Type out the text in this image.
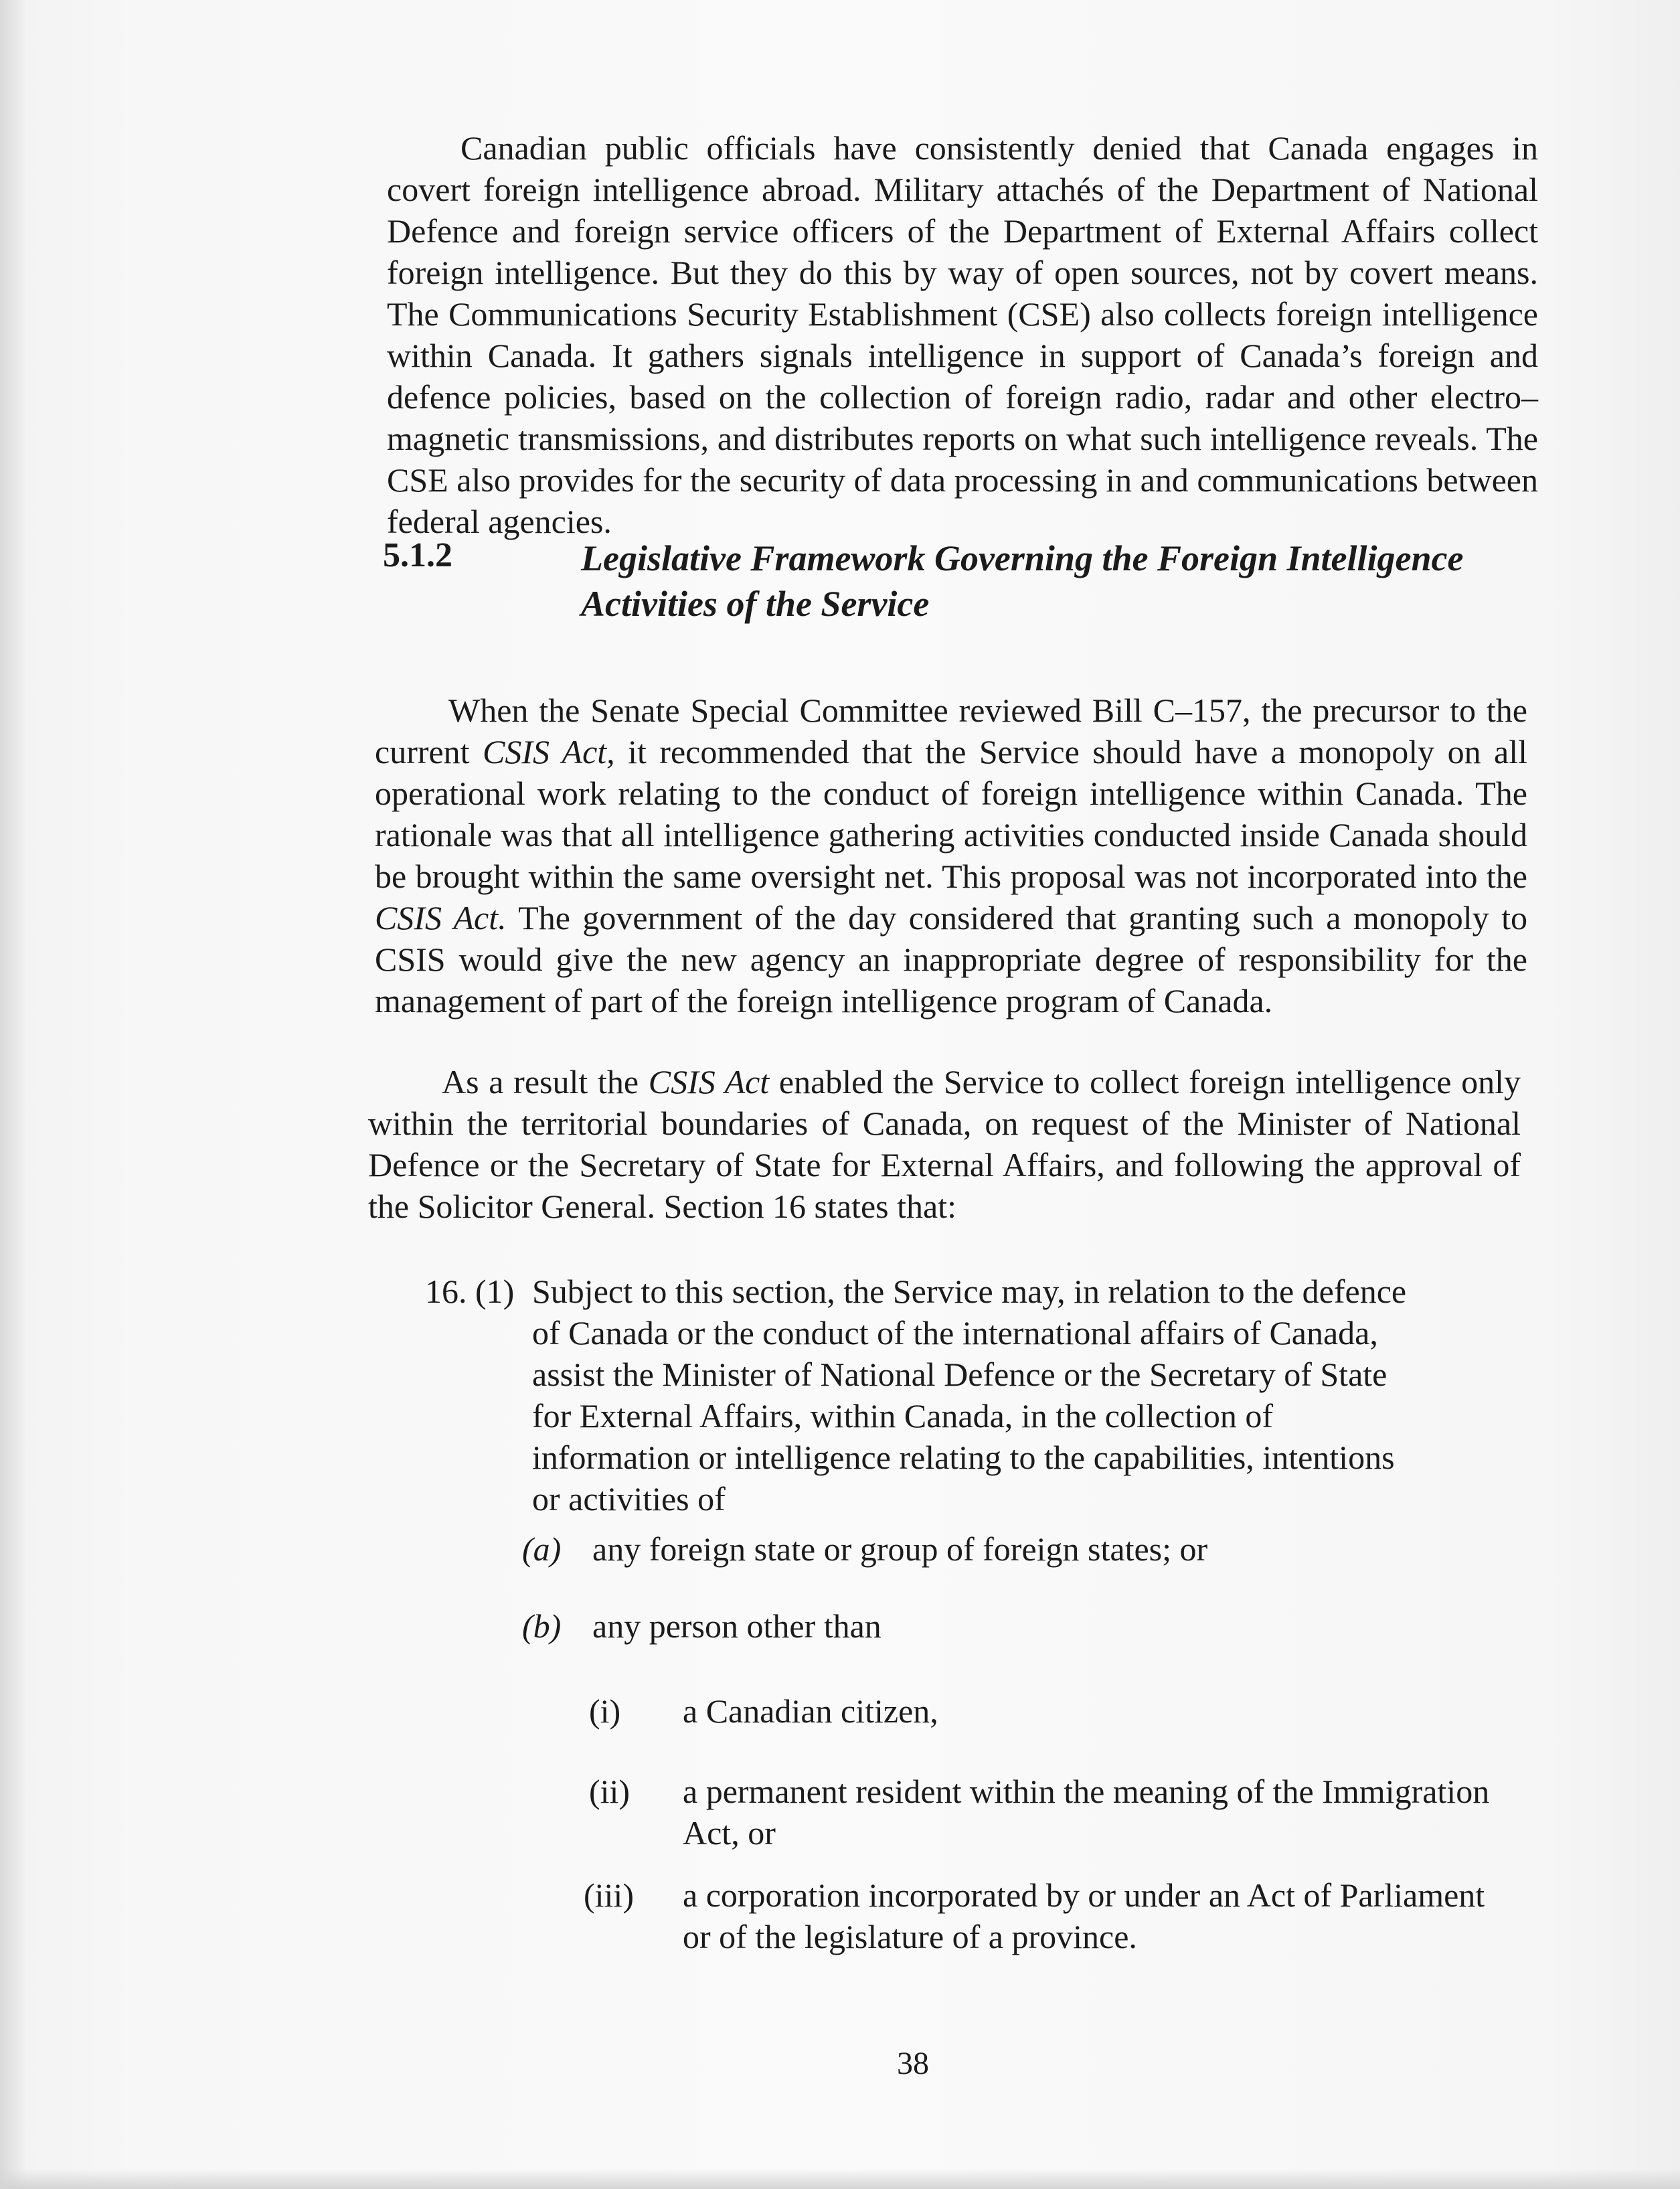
Canadian public officials have consistently denied that Canada engages in covert foreign intelligence abroad. Military attachés of the Department of National Defence and foreign service officers of the Department of External Affairs collect foreign intelligence. But they do this by way of open sources, not by covert means. The Communications Security Establishment (CSE) also collects foreign intelligence within Canada. It gathers signals intelligence in support of Canada’s foreign and defence policies, based on the collection of foreign radio, radar and other electro–magnetic transmissions, and distributes reports on what such intelligence reveals. The CSE also provides for the security of data processing in and communications between federal agencies.

5.1.2	Legislative Framework Governing the Foreign Intelligence Activities of the Service

When the Senate Special Committee reviewed Bill C–157, the precursor to the current CSIS Act, it recommended that the Service should have a monopoly on all operational work relating to the conduct of foreign intelligence within Canada. The rationale was that all intelligence gathering activities conducted inside Canada should be brought within the same oversight net. This proposal was not incorporated into the CSIS Act. The government of the day considered that granting such a monopoly to CSIS would give the new agency an inappropriate degree of responsibility for the management of part of the foreign intelligence program of Canada.

As a result the CSIS Act enabled the Service to collect foreign intelligence only within the territorial boundaries of Canada, on request of the Minister of National Defence or the Secretary of State for External Affairs, and following the approval of the Solicitor General. Section 16 states that:

16. (1) Subject to this section, the Service may, in relation to the defence of Canada or the conduct of the international affairs of Canada, assist the Minister of National Defence or the Secretary of State for External Affairs, within Canada, in the collection of information or intelligence relating to the capabilities, intentions or activities of

(a) any foreign state or group of foreign states; or

(b) any person other than

(i) a Canadian citizen,

(ii) a permanent resident within the meaning of the Immigration Act, or

(iii) a corporation incorporated by or under an Act of Parliament or of the legislature of a province.

38
